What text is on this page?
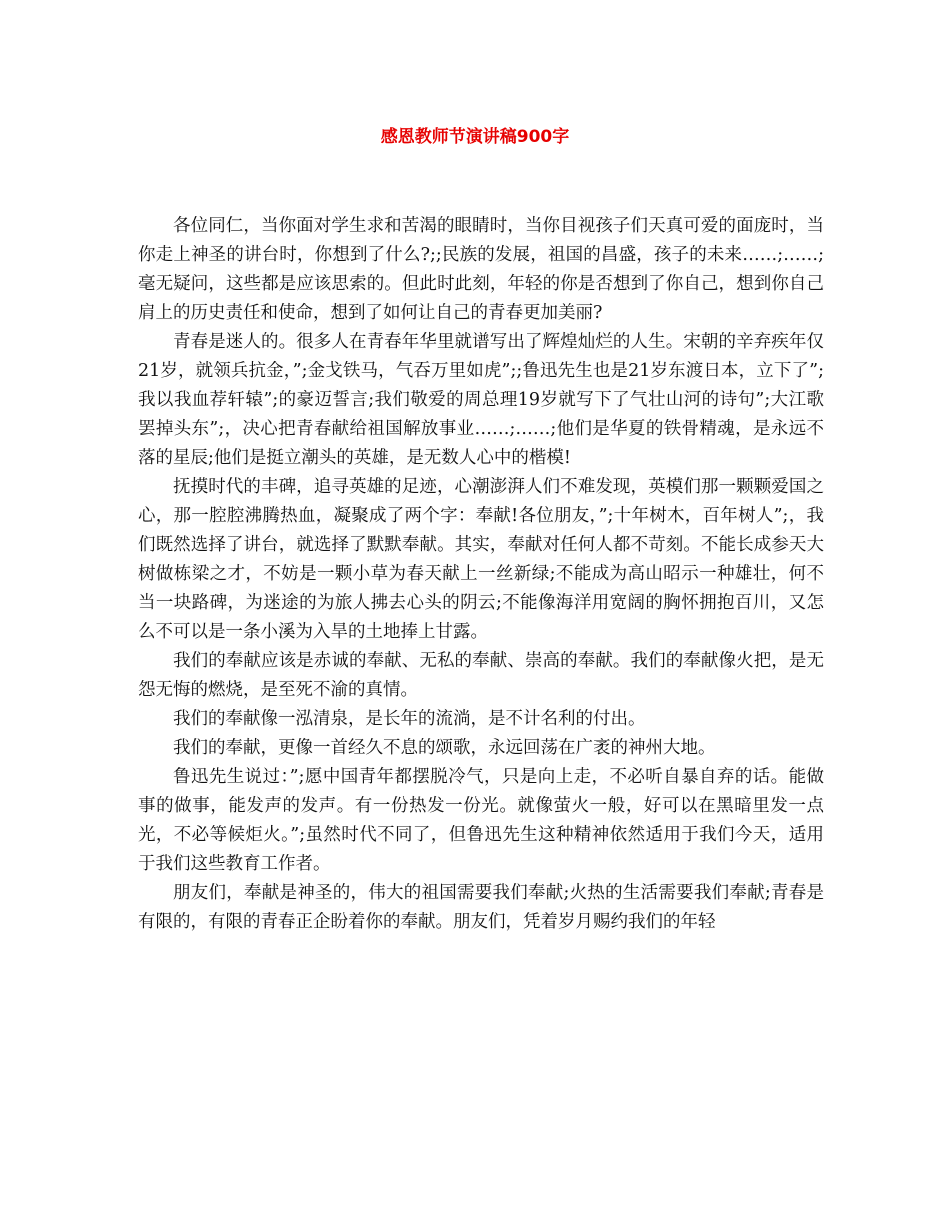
感恩教师节演讲稿900字

各位同仁，当你面对学生求和苦渴的眼睛时，当你目视孩子们天真可爱的面庞时，当你走上神圣的讲台时，你想到了什么?;;民族的发展，祖国的昌盛，孩子的未来……;……;毫无疑问，这些都是应该思索的。但此时此刻，年轻的你是否想到了你自己，想到你自己肩上的历史责任和使命，想到了如何让自己的青春更加美丽?

青春是迷人的。很多人在青春年华里就谱写出了辉煌灿烂的人生。宋朝的辛弃疾年仅21岁，就领兵抗金，”;金戈铁马，气吞万里如虎”;;鲁迅先生也是21岁东渡日本，立下了”;我以我血荐轩辕”;的豪迈誓言;我们敬爱的周总理19岁就写下了气壮山河的诗句”;大江歌罢掉头东”;，决心把青春献给祖国解放事业……;……;他们是华夏的铁骨精魂，是永远不落的星辰;他们是挺立潮头的英雄，是无数人心中的楷模!

抚摸时代的丰碑，追寻英雄的足迹，心潮澎湃人们不难发现，英模们那一颗颗爱国之心，那一腔腔沸腾热血，凝聚成了两个字：奉献!各位朋友，”;十年树木，百年树人”;，我们既然选择了讲台，就选择了默默奉献。其实，奉献对任何人都不苛刻。不能长成参天大树做栋梁之才，不妨是一颗小草为春天献上一丝新绿;不能成为高山昭示一种雄壮，何不当一块路碑，为迷途的为旅人拂去心头的阴云;不能像海洋用宽阔的胸怀拥抱百川，又怎么不可以是一条小溪为入旱的土地捧上甘露。

我们的奉献应该是赤诚的奉献、无私的奉献、崇高的奉献。我们的奉献像火把，是无怨无悔的燃烧，是至死不渝的真情。

我们的奉献像一泓清泉，是长年的流淌，是不计名利的付出。

我们的奉献，更像一首经久不息的颂歌，永远回荡在广袤的神州大地。

鲁迅先生说过：”;愿中国青年都摆脱冷气，只是向上走，不必听自暴自弃的话。能做事的做事，能发声的发声。有一份热发一份光。就像萤火一般，好可以在黑暗里发一点光，不必等候炬火。”;虽然时代不同了，但鲁迅先生这种精神依然适用于我们今天，适用于我们这些教育工作者。

朋友们，奉献是神圣的，伟大的祖国需要我们奉献;火热的生活需要我们奉献;青春是有限的，有限的青春正企盼着你的奉献。朋友们，凭着岁月赐约我们的年轻
